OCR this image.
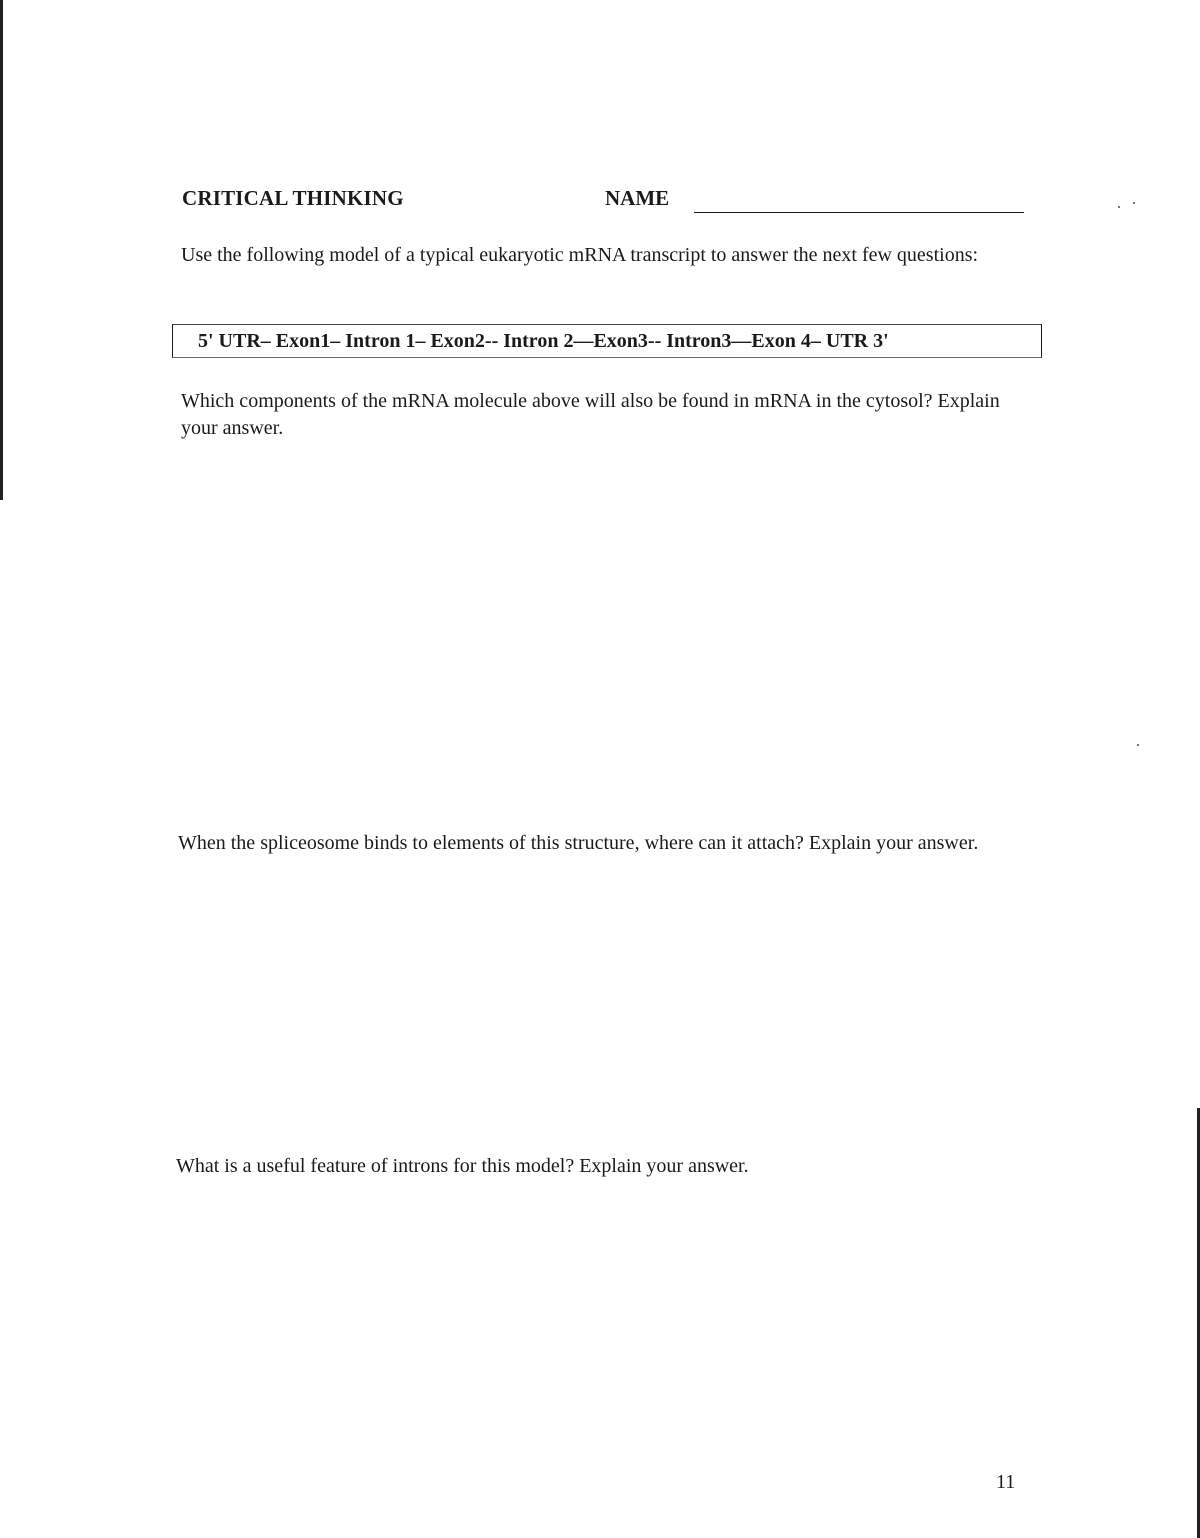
CRITICAL THINKING	NAME
Use the following model of a typical eukaryotic mRNA transcript to answer the next few questions:
5' UTR– Exon1– Intron 1– Exon2-- Intron 2—Exon3-- Intron3—Exon 4– UTR 3'
Which components of the mRNA molecule above will also be found in mRNA in the cytosol? Explain your answer.
When the spliceosome binds to elements of this structure, where can it attach? Explain your answer.
What is a useful feature of introns for this model? Explain your answer.
11
